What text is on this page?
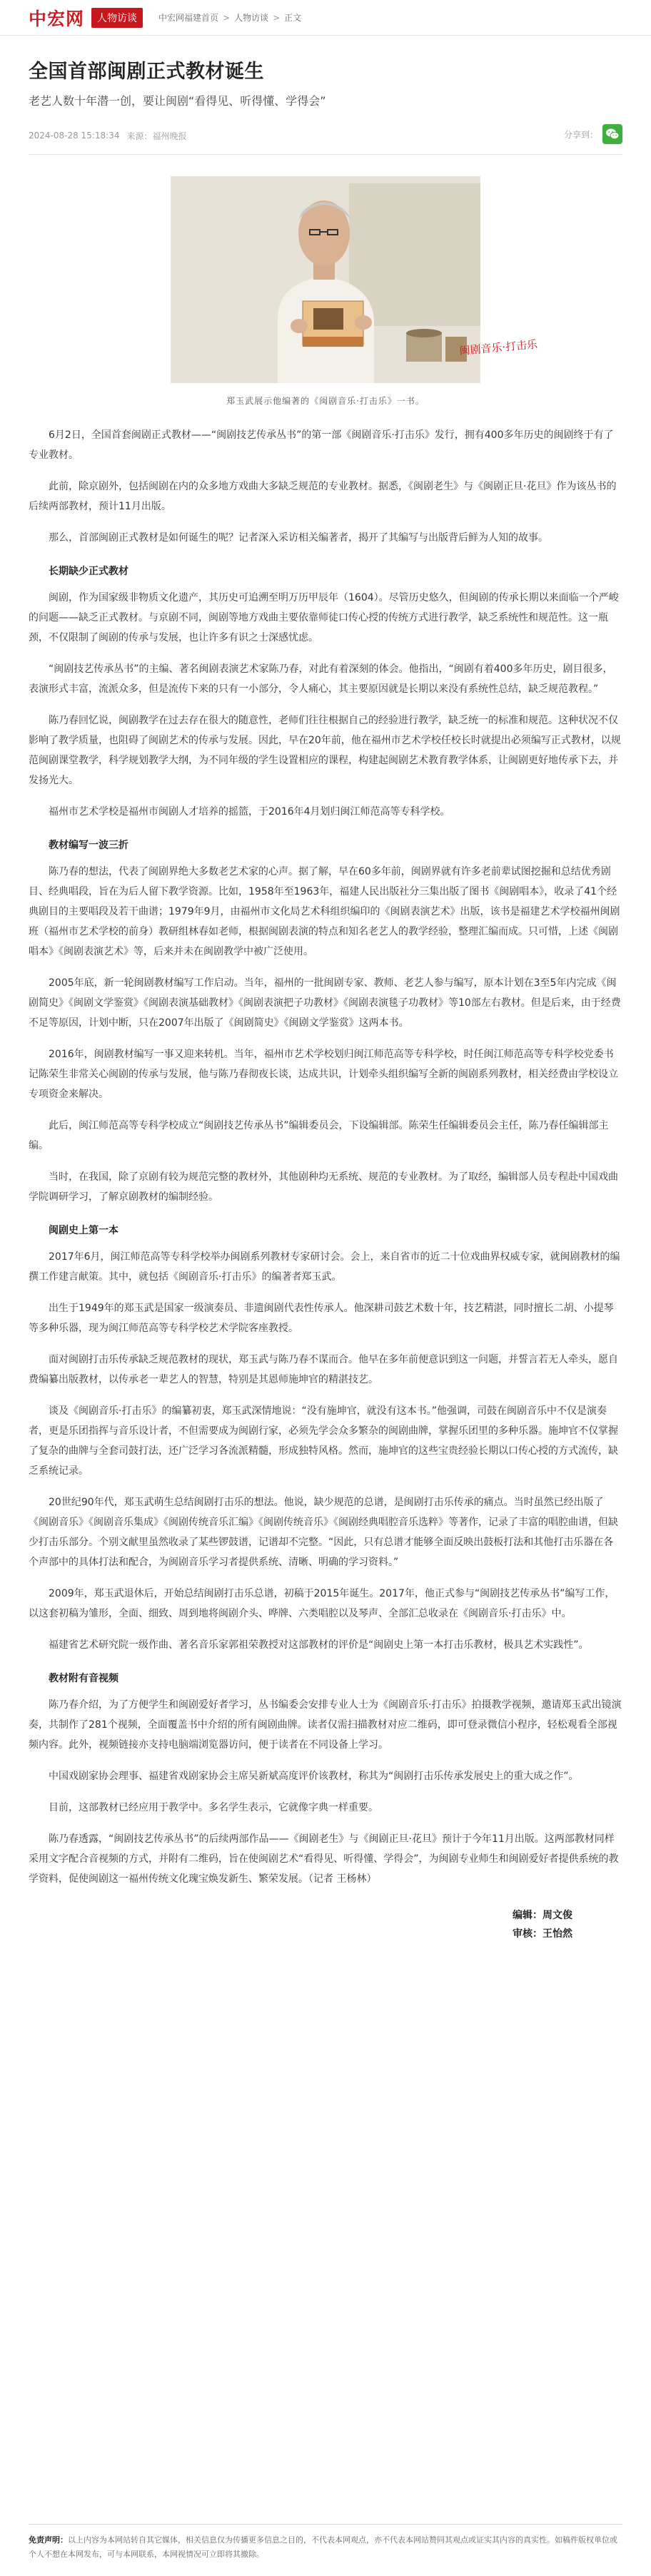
中宏网	人物访谈	中宏网福建首页 > 人物访谈 > 正文
全国首部闽剧正式教材诞生
老艺人数十年潜一创，要让闽剧“看得见、听得懂、学得会”
2024-08-28 15:18:34 来源：福州晚报	分享到：
闽剧音乐·打击乐
郑玉武展示他编著的《闽剧音乐·打击乐》一书。

6月2日，全国首套闽剧正式教材——“闽剧技艺传承丛书”的第一部《闽剧音乐·打击乐》发行，拥有400多年历史的闽剧终于有了专业教材。

此前，除京剧外，包括闽剧在内的众多地方戏曲大多缺乏规范的专业教材。据悉，《闽剧老生》与《闽剧正旦·花旦》作为该丛书的后续两部教材，预计11月出版。

那么，首部闽剧正式教材是如何诞生的呢？记者深入采访相关编著者，揭开了其编写与出版背后鲜为人知的故事。

长期缺少正式教材

闽剧，作为国家级非物质文化遗产，其历史可追溯至明万历甲辰年（1604）。尽管历史悠久，但闽剧的传承长期以来面临一个严峻的问题——缺乏正式教材。与京剧不同，闽剧等地方戏曲主要依靠师徒口传心授的传统方式进行教学，缺乏系统性和规范性。这一瓶颈，不仅限制了闽剧的传承与发展，也让许多有识之士深感忧虑。

“闽剧技艺传承丛书”的主编、著名闽剧表演艺术家陈乃春，对此有着深刻的体会。他指出，“闽剧有着400多年历史，剧目很多，表演形式丰富，流派众多，但是流传下来的只有一小部分，令人痛心，其主要原因就是长期以来没有系统性总结，缺乏规范教程。”

陈乃春回忆说，闽剧教学在过去存在很大的随意性，老师们往往根据自己的经验进行教学，缺乏统一的标准和规范。这种状况不仅影响了教学质量，也阻碍了闽剧艺术的传承与发展。因此，早在20年前，他在福州市艺术学校任校长时就提出必须编写正式教材，以规范闽剧课堂教学，科学规划教学大纲，为不同年级的学生设置相应的课程，构建起闽剧艺术教育教学体系，让闽剧更好地传承下去，并发扬光大。

福州市艺术学校是福州市闽剧人才培养的摇篮，于2016年4月划归闽江师范高等专科学校。

教材编写一波三折

陈乃春的想法，代表了闽剧界绝大多数老艺术家的心声。据了解，早在60多年前，闽剧界就有许多老前辈试图挖掘和总结优秀剧目、经典唱段，旨在为后人留下教学资源。比如，1958年至1963年，福建人民出版社分三集出版了图书《闽剧唱本》，收录了41个经典剧目的主要唱段及若干曲谱；1979年9月，由福州市文化局艺术科组织编印的《闽剧表演艺术》出版，该书是福建艺术学校福州闽剧班（福州市艺术学校的前身）教研组林春如老师，根据闽剧表演的特点和知名老艺人的教学经验，整理汇编而成。只可惜，上述《闽剧唱本》《闽剧表演艺术》等，后来并未在闽剧教学中被广泛使用。

2005年底，新一轮闽剧教材编写工作启动。当年，福州的一批闽剧专家、教师、老艺人参与编写，原本计划在3至5年内完成《闽剧简史》《闽剧文学鉴赏》《闽剧表演基础教材》《闽剧表演把子功教材》《闽剧表演毯子功教材》等10部左右教材。但是后来，由于经费不足等原因，计划中断，只在2007年出版了《闽剧简史》《闽剧文学鉴赏》这两本书。

2016年，闽剧教材编写一事又迎来转机。当年，福州市艺术学校划归闽江师范高等专科学校，时任闽江师范高等专科学校党委书记陈荣生非常关心闽剧的传承与发展，他与陈乃春彻夜长谈，达成共识，计划牵头组织编写全新的闽剧系列教材，相关经费由学校设立专项资金来解决。

此后，闽江师范高等专科学校成立“闽剧技艺传承丛书”编辑委员会，下设编辑部。陈荣生任编辑委员会主任，陈乃春任编辑部主编。

当时，在我国，除了京剧有较为规范完整的教材外，其他剧种均无系统、规范的专业教材。为了取经，编辑部人员专程赴中国戏曲学院调研学习，了解京剧教材的编制经验。

闽剧史上第一本

2017年6月，闽江师范高等专科学校举办闽剧系列教材专家研讨会。会上，来自省市的近二十位戏曲界权威专家，就闽剧教材的编撰工作建言献策。其中，就包括《闽剧音乐·打击乐》的编著者郑玉武。

出生于1949年的郑玉武是国家一级演奏员、非遗闽剧代表性传承人。他深耕司鼓艺术数十年，技艺精湛，同时擅长二胡、小提琴等多种乐器，现为闽江师范高等专科学校艺术学院客座教授。

面对闽剧打击乐传承缺乏规范教材的现状，郑玉武与陈乃春不谋而合。他早在多年前便意识到这一问题，并誓言若无人牵头，愿自费编纂出版教材，以传承老一辈艺人的智慧，特别是其恩师施坤官的精湛技艺。

谈及《闽剧音乐·打击乐》的编纂初衷，郑玉武深情地说：“没有施坤官，就没有这本书。”他强调，司鼓在闽剧音乐中不仅是演奏者，更是乐团指挥与音乐设计者，不但需要成为闽剧行家，必须先学会众多繁杂的闽剧曲牌，掌握乐团里的多种乐器。施坤官不仅掌握了复杂的曲牌与全套司鼓打法，还广泛学习各流派精髓，形成独特风格。然而，施坤官的这些宝贵经验长期以口传心授的方式流传，缺乏系统记录。

20世纪90年代，郑玉武萌生总结闽剧打击乐的想法。他说，缺少规范的总谱，是闽剧打击乐传承的痛点。当时虽然已经出版了《闽剧音乐》《闽剧音乐集成》《闽剧传统音乐汇编》《闽剧传统音乐》《闽剧经典唱腔音乐选粹》等著作，记录了丰富的唱腔曲谱，但缺少打击乐部分。个别文献里虽然收录了某些锣鼓谱，记谱却不完整。“因此，只有总谱才能够全面反映出鼓板打法和其他打击乐器在各个声部中的具体打法和配合，为闽剧音乐学习者提供系统、清晰、明确的学习资料。”

2009年，郑玉武退休后，开始总结闽剧打击乐总谱，初稿于2015年诞生。2017年，他正式参与“闽剧技艺传承丛书”编写工作，以这套初稿为雏形，全面、细致、周到地将闽剧介头、哗牌、六类唱腔以及琴声、全部汇总收录在《闽剧音乐·打击乐》中。

福建省艺术研究院一级作曲、著名音乐家郭祖荣教授对这部教材的评价是“闽剧史上第一本打击乐教材，极具艺术实践性”。

教材附有音视频

陈乃春介绍，为了方便学生和闽剧爱好者学习，丛书编委会安排专业人士为《闽剧音乐·打击乐》拍摄教学视频，邀请郑玉武出镜演奏，共制作了281个视频，全面覆盖书中介绍的所有闽剧曲牌。读者仅需扫描教材对应二维码，即可登录微信小程序，轻松观看全部视频内容。此外，视频链接亦支持电脑端浏览器访问，便于读者在不同设备上学习。

中国戏剧家协会理事、福建省戏剧家协会主席吴新斌高度评价该教材，称其为“闽剧打击乐传承发展史上的重大成之作”。

目前，这部教材已经应用于教学中。多名学生表示，它就像字典一样重要。

陈乃春透露，“闽剧技艺传承丛书”的后续两部作品——《闽剧老生》与《闽剧正旦·花旦》预计于今年11月出版。这两部教材同样采用文字配合音视频的方式，并附有二维码，旨在使闽剧艺术“看得见、听得懂、学得会”，为闽剧专业师生和闽剧爱好者提供系统的教学资料，促使闽剧这一福州传统文化瑰宝焕发新生、繁荣发展。（记者 王杨林）

编辑：周文俊
审核：王怡然
免责声明：以上内容为本网站转自其它媒体，相关信息仅为传播更多信息之目的，不代表本网观点，亦不代表本网站赞同其观点或证实其内容的真实性。如稿件版权单位或个人不想在本网发布，可与本网联系，本网视情况可立即将其撤除。
